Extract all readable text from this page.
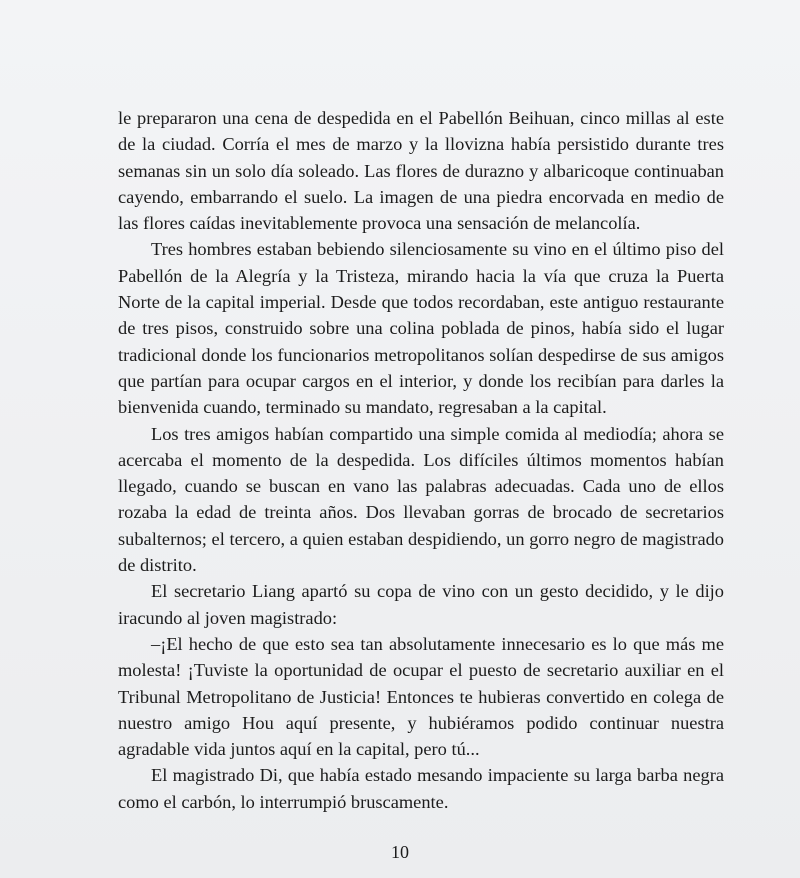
le prepararon una cena de despedida en el Pabellón Beihuan, cinco millas al este de la ciudad. Corría el mes de marzo y la llovizna había persistido durante tres semanas sin un solo día soleado. Las flores de durazno y albaricoque continuaban cayendo, embarrando el suelo. La imagen de una piedra encorvada en medio de las flores caídas inevitablemente provoca una sensación de melancolía.

Tres hombres estaban bebiendo silenciosamente su vino en el último piso del Pabellón de la Alegría y la Tristeza, mirando hacia la vía que cruza la Puerta Norte de la capital imperial. Desde que todos recordaban, este antiguo restaurante de tres pisos, construido sobre una colina poblada de pinos, había sido el lugar tradicional donde los funcionarios metropolitanos solían despedirse de sus amigos que partían para ocupar cargos en el interior, y donde los recibían para darles la bienvenida cuando, terminado su mandato, regresaban a la capital.

Los tres amigos habían compartido una simple comida al mediodía; ahora se acercaba el momento de la despedida. Los difíciles últimos momentos habían llegado, cuando se buscan en vano las palabras adecuadas. Cada uno de ellos rozaba la edad de treinta años. Dos llevaban gorras de brocado de secretarios subalternos; el tercero, a quien estaban despidiendo, un gorro negro de magistrado de distrito.

El secretario Liang apartó su copa de vino con un gesto decidido, y le dijo iracundo al joven magistrado:

–¡El hecho de que esto sea tan absolutamente innecesario es lo que más me molesta! ¡Tuviste la oportunidad de ocupar el puesto de secretario auxiliar en el Tribunal Metropolitano de Justicia! Entonces te hubieras convertido en colega de nuestro amigo Hou aquí presente, y hubiéramos podido continuar nuestra agradable vida juntos aquí en la capital, pero tú...

El magistrado Di, que había estado mesando impaciente su larga barba negra como el carbón, lo interrumpió bruscamente.

10
